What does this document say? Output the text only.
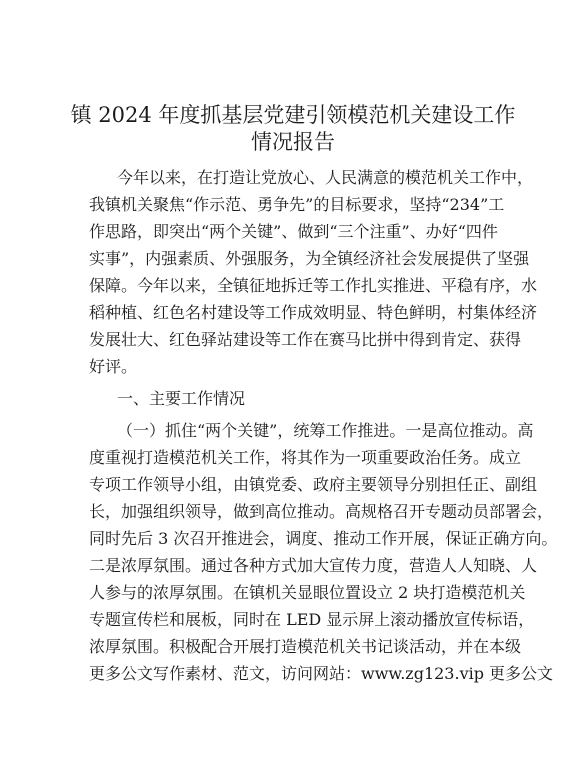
镇 2024 年度抓基层党建引领模范机关建设工作
情况报告

今年以来，在打造让党放心、人民满意的模范机关工作中，

我镇机关聚焦“作示范、勇争先”的目标要求，坚持“234”工

作思路，即突出“两个关键”、做到“三个注重”、办好“四件

实事”，内强素质、外强服务，为全镇经济社会发展提供了坚强

保障。今年以来，全镇征地拆迁等工作扎实推进、平稳有序，水

稻种植、红色名村建设等工作成效明显、特色鲜明，村集体经济

发展壮大、红色驿站建设等工作在赛马比拼中得到肯定、获得

好评。

一、主要工作情况

（一）抓住“两个关键”，统筹工作推进。一是高位推动。高

度重视打造模范机关工作，将其作为一项重要政治任务。成立

专项工作领导小组，由镇党委、政府主要领导分别担任正、副组

长，加强组织领导，做到高位推动。高规格召开专题动员部署会，

同时先后 3 次召开推进会，调度、推动工作开展，保证正确方向。

二是浓厚氛围。通过各种方式加大宣传力度，营造人人知晓、人

人参与的浓厚氛围。在镇机关显眼位置设立 2 块打造模范机关

专题宣传栏和展板，同时在 LED 显示屏上滚动播放宣传标语，

浓厚氛围。积极配合开展打造模范机关书记谈活动，并在本级

更多公文写作素材、范文，访问网站：www.zg123.vip 更多公文
